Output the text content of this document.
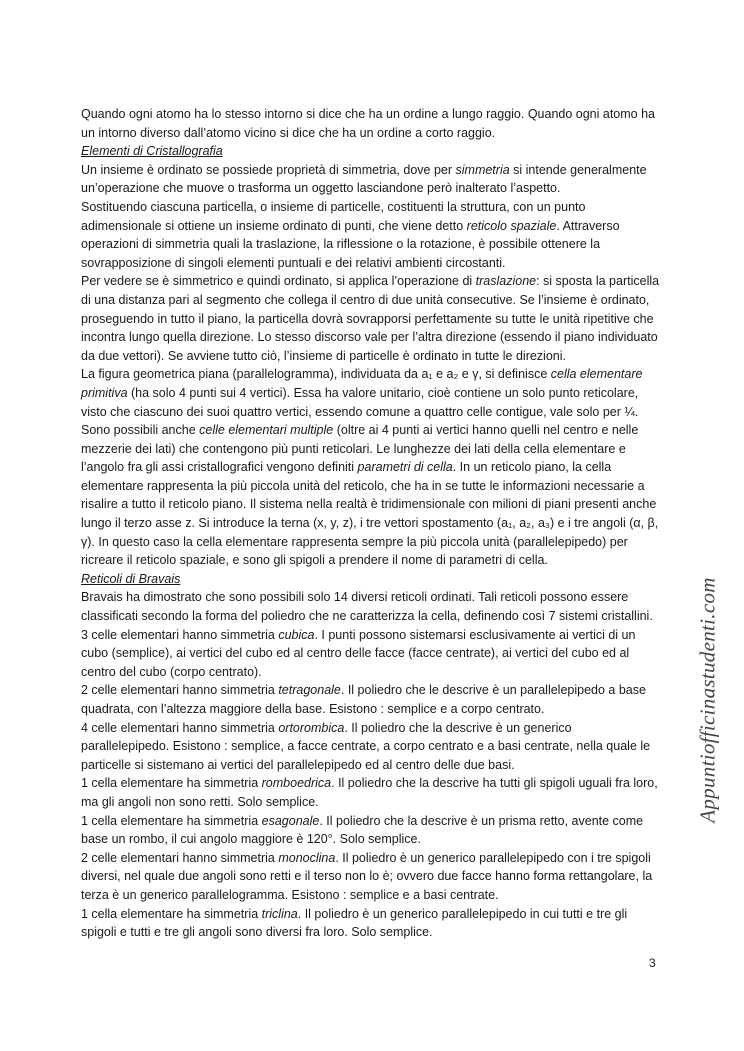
Quando ogni atomo ha lo stesso intorno si dice che ha un ordine a lungo raggio. Quando ogni atomo ha un intorno diverso dall’atomo vicino si dice che ha un ordine a corto raggio.

Elementi di Cristallografia

Un insieme è ordinato se possiede proprietà di simmetria, dove per simmetria si intende generalmente un’operazione che muove o trasforma un oggetto lasciandone però inalterato l’aspetto.

Sostituendo ciascuna particella, o insieme di particelle, costituenti la struttura, con un punto adimensionale si ottiene un insieme ordinato di punti, che viene detto reticolo spaziale. Attraverso operazioni di simmetria quali la traslazione, la riflessione o la rotazione, è possibile ottenere la sovrapposizione di singoli elementi puntuali e dei relativi ambienti circostanti.

Per vedere se è simmetrico e quindi ordinato, si applica l’operazione di traslazione: si sposta la particella di una distanza pari al segmento che collega il centro di due unità consecutive. Se l’insieme è ordinato, proseguendo in tutto il piano, la particella dovrà sovrapporsi perfettamente su tutte le unità ripetitive che incontra lungo quella direzione. Lo stesso discorso vale per l’altra direzione (essendo il piano individuato da due vettori). Se avviene tutto ciò, l’insieme di particelle è ordinato in tutte le direzioni.

La figura geometrica piana (parallelogramma), individuata da a₁ e a₂ e γ, si definisce cella elementare primitiva (ha solo 4 punti sui 4 vertici). Essa ha valore unitario, cioè contiene un solo punto reticolare, visto che ciascuno dei suoi quattro vertici, essendo comune a quattro celle contigue, vale solo per ¼.

Sono possibili anche celle elementari multiple (oltre ai 4 punti ai vertici hanno quelli nel centro e nelle mezzerie dei lati) che contengono più punti reticolari. Le lunghezze dei lati della cella elementare e l’angolo fra gli assi cristallografici vengono definiti parametri di cella. In un reticolo piano, la cella elementare rappresenta la più piccola unità del reticolo, che ha in se tutte le informazioni necessarie a risalire a tutto il reticolo piano. Il sistema nella realtà è tridimensionale con milioni di piani presenti anche lungo il terzo asse z. Si introduce la terna (x, y, z), i tre vettori spostamento (a₁, a₂, a₃) e i tre angoli (α, β, γ). In questo caso la cella elementare rappresenta sempre la più piccola unità (parallelepipedo) per ricreare il reticolo spaziale, e sono gli spigoli a prendere il nome di parametri di cella.

Reticoli di Bravais

Bravais ha dimostrato che sono possibili solo 14 diversi reticoli ordinati. Tali reticoli possono essere classificati secondo la forma del poliedro che ne caratterizza la cella, definendo così 7 sistemi cristallini.

3 celle elementari hanno simmetria cubica. I punti possono sistemarsi esclusivamente ai vertici di un cubo (semplice), ai vertici del cubo ed al centro delle facce (facce centrate), ai vertici del cubo ed al centro del cubo (corpo centrato).

2 celle elementari hanno simmetria tetragonale. Il poliedro che le descrive è un parallelepipedo a base quadrata, con l’altezza maggiore della base. Esistono : semplice e a corpo centrato.

4 celle elementari hanno simmetria ortorombica. Il poliedro che la descrive è un generico parallelepipedo. Esistono : semplice, a facce centrate, a corpo centrato e a basi centrate, nella quale le particelle si sistemano ai vertici del parallelepipedo ed al centro delle due basi.

1 cella elementare ha simmetria romboedrica. Il poliedro che la descrive ha tutti gli spigoli uguali fra loro, ma gli angoli non sono retti. Solo semplice.

1 cella elementare ha simmetria esagonale. Il poliedro che la descrive è un prisma retto, avente come base un rombo, il cui angolo maggiore è 120°. Solo semplice.

2 celle elementari hanno simmetria monoclina. Il poliedro è un generico parallelepipedo con i tre spigoli diversi, nel quale due angoli sono retti e il terso non lo è; ovvero due facce hanno forma rettangolare, la terza è un generico parallelogramma. Esistono : semplice e a basi centrate.

1 cella elementare ha simmetria triclina. Il poliedro è un generico parallelepipedo in cui tutti e tre gli spigoli e tutti e tre gli angoli sono diversi fra loro. Solo semplice.

Appuntiofficinastudenti.com
3
